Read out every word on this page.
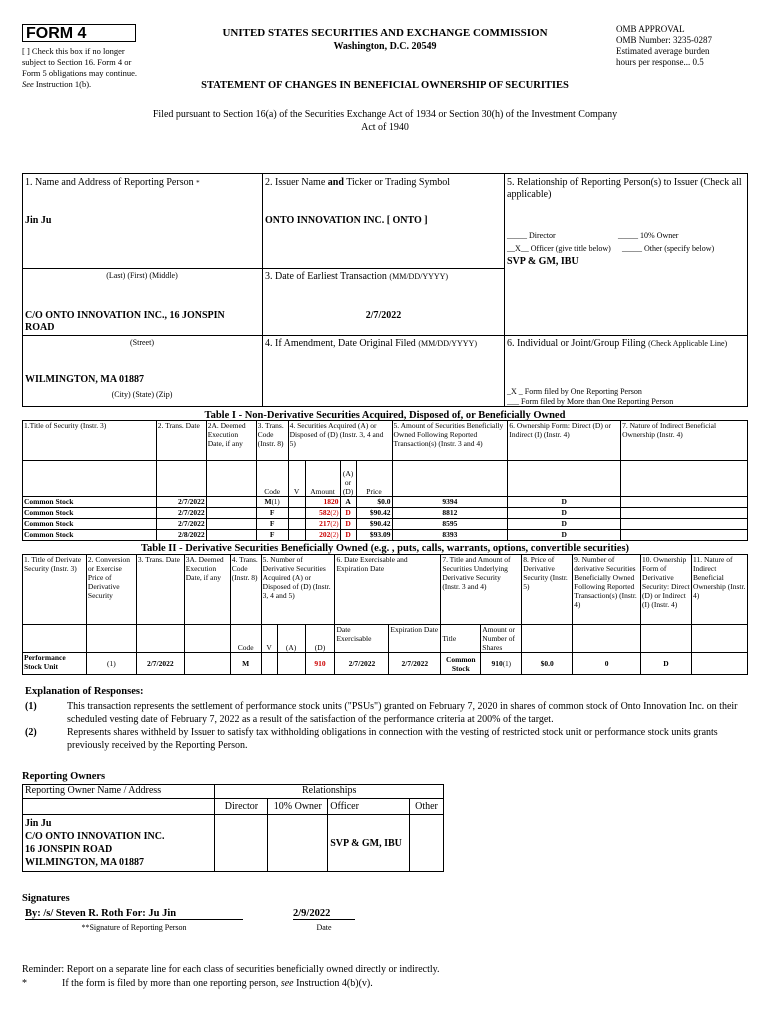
FORM 4
[ ] Check this box if no longer subject to Section 16. Form 4 or Form 5 obligations may continue. See Instruction 1(b).
UNITED STATES SECURITIES AND EXCHANGE COMMISSION
Washington, D.C. 20549
STATEMENT OF CHANGES IN BENEFICIAL OWNERSHIP OF SECURITIES
OMB APPROVAL
OMB Number: 3235-0287
Estimated average burden
hours per response... 0.5
Filed pursuant to Section 16(a) of the Securities Exchange Act of 1934 or Section 30(h) of the Investment Company Act of 1940
1. Name and Address of Reporting Person *
Jin Ju
(Last) (First) (Middle)
C/O ONTO INNOVATION INC., 16 JONSPIN ROAD
(Street)
WILMINGTON, MA 01887
(City) (State) (Zip)
2. Issuer Name and Ticker or Trading Symbol
ONTO INNOVATION INC. [ ONTO ]
3. Date of Earliest Transaction (MM/DD/YYYY)
2/7/2022
4. If Amendment, Date Original Filed (MM/DD/YYYY)
5. Relationship of Reporting Person(s) to Issuer (Check all applicable)
_____ Director	_____ 10% Owner
__X__ Officer (give title below) _____ Other (specify below)
SVP & GM, IBU
6. Individual or Joint/Group Filing (Check Applicable Line)
_X _ Form filed by One Reporting Person
___ Form filed by More than One Reporting Person
Table I - Non-Derivative Securities Acquired, Disposed of, or Beneficially Owned
1.Title of Security (Instr. 3)	2. Trans. Date	2A. Deemed Execution Date, if any	3. Trans. Code (Instr. 8)	4. Securities Acquired (A) or Disposed of (D) (Instr. 3, 4 and 5)				5. Amount of Securities Beneficially Owned Following Reported Transaction(s) (Instr. 3 and 4)	6. Ownership Form: Direct (D) or Indirect (I) (Instr. 4)	7. Nature of Indirect Beneficial Ownership (Instr. 4)
			Code	V	Amount	(A) or (D)	Price			
Common Stock	2/7/2022		M(1)		1820	A	$0.0	9394	D	
Common Stock	2/7/2022		F		582(2)	D	$90.42	8812	D	
Common Stock	2/7/2022		F		217(2)	D	$90.42	8595	D	
Common Stock	2/8/2022		F		202(2)	D	$93.09	8393	D	
Table II - Derivative Securities Beneficially Owned (e.g. , puts, calls, warrants, options, convertible securities)
1. Title of Derivate Security (Instr. 3)	2. Conversion or Exercise Price of Derivative Security	3. Trans. Date	3A. Deemed Execution Date, if any	4. Trans. Code (Instr. 8)	5. Number of Derivative Securities Acquired (A) or Disposed of (D) (Instr. 3, 4 and 5)			6. Date Exercisable and Expiration Date		7. Title and Amount of Securities Underlying Derivative Security (Instr. 3 and 4)		8. Price of Derivative Security (Instr. 5)	9. Number of derivative Securities Beneficially Owned Following Reported Transaction(s) (Instr. 4)	10. Ownership Form of Derivative Security: Direct (D) or Indirect (I) (Instr. 4)	11. Nature of Indirect Beneficial Ownership (Instr. 4)
				Code	V	(A)	(D)	Date Exercisable	Expiration Date	Title	Amount or Number of Shares				
Performance Stock Unit	(1)	2/7/2022		M			910	2/7/2022	2/7/2022	Common Stock	910(1)	$0.0	0	D	
Explanation of Responses:
(1)	This transaction represents the settlement of performance stock units ("PSUs") granted on February 7, 2020 in shares of common stock of Onto Innovation Inc. on their scheduled vesting date of February 7, 2022 as a result of the satisfaction of the performance criteria at 200% of the target.
(2)	Represents shares withheld by Issuer to satisfy tax withholding obligations in connection with the vesting of restricted stock unit or performance stock units grants previously received by the Reporting Person.
Reporting Owners
Reporting Owner Name / Address	Relationships			
	Director	10% Owner	Officer	Other

Jin Ju
C/O ONTO INNOVATION INC.
16 JONSPIN ROAD
WILMINGTON, MA 01887			SVP & GM, IBU	
Signatures
By: /s/ Steven R. Roth For: Ju Jin
**Signature of Reporting Person
2/9/2022
Date
Reminder: Report on a separate line for each class of securities beneficially owned directly or indirectly.
*	If the form is filed by more than one reporting person, see Instruction 4(b)(v).
